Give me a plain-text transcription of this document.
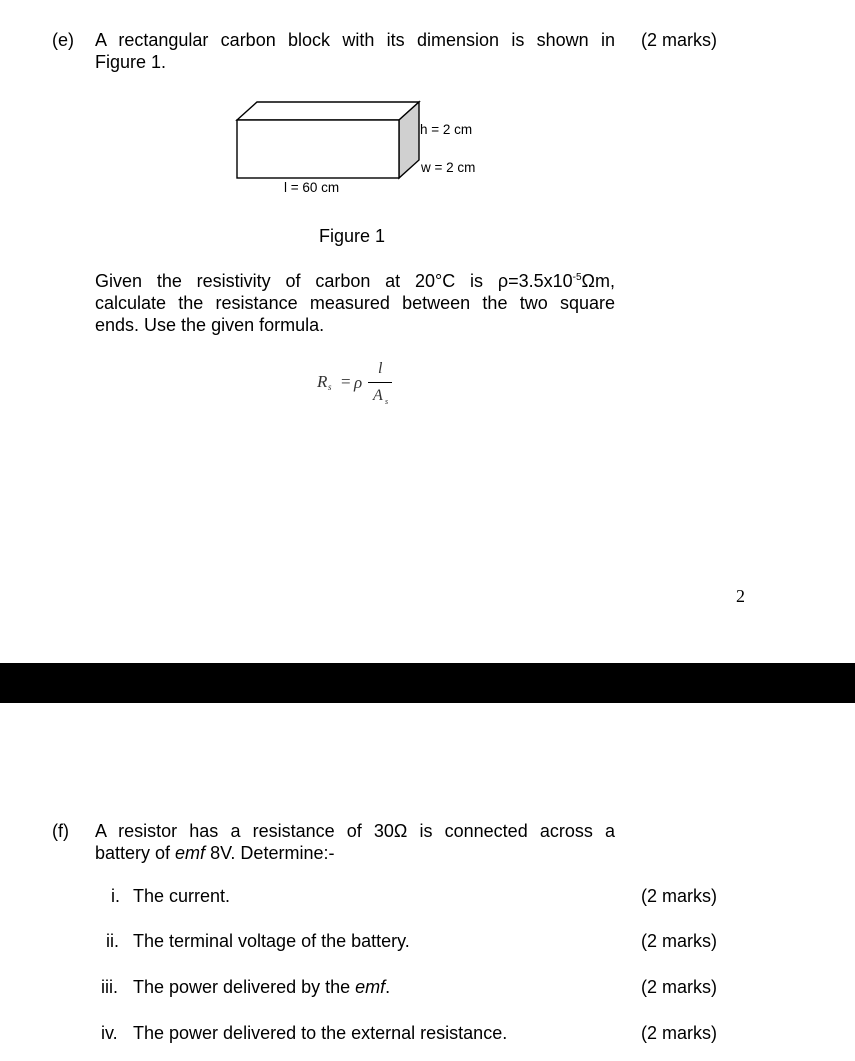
(e) A rectangular carbon block with its dimension is shown in
Figure 1.
(2 marks)
h = 2 cm
w = 2 cm
l = 60 cm
Figure 1
Given the resistivity of carbon at 20°C is $\rho=3.5x10^{-5}\Omega m$,
calculate the resistance measured between the two square
ends. Use the given formula.
R s = ρ
l
A s
2
(f) A resistor has a resistance of 30Ω is connected across a
battery of emf 8V. Determine:-
i. The current.	(2 marks)
ii. The terminal voltage of the battery.	(2 marks)
iii. The power delivered by the emf.	(2 marks)
iv. The power delivered to the external resistance.	(2 marks)
